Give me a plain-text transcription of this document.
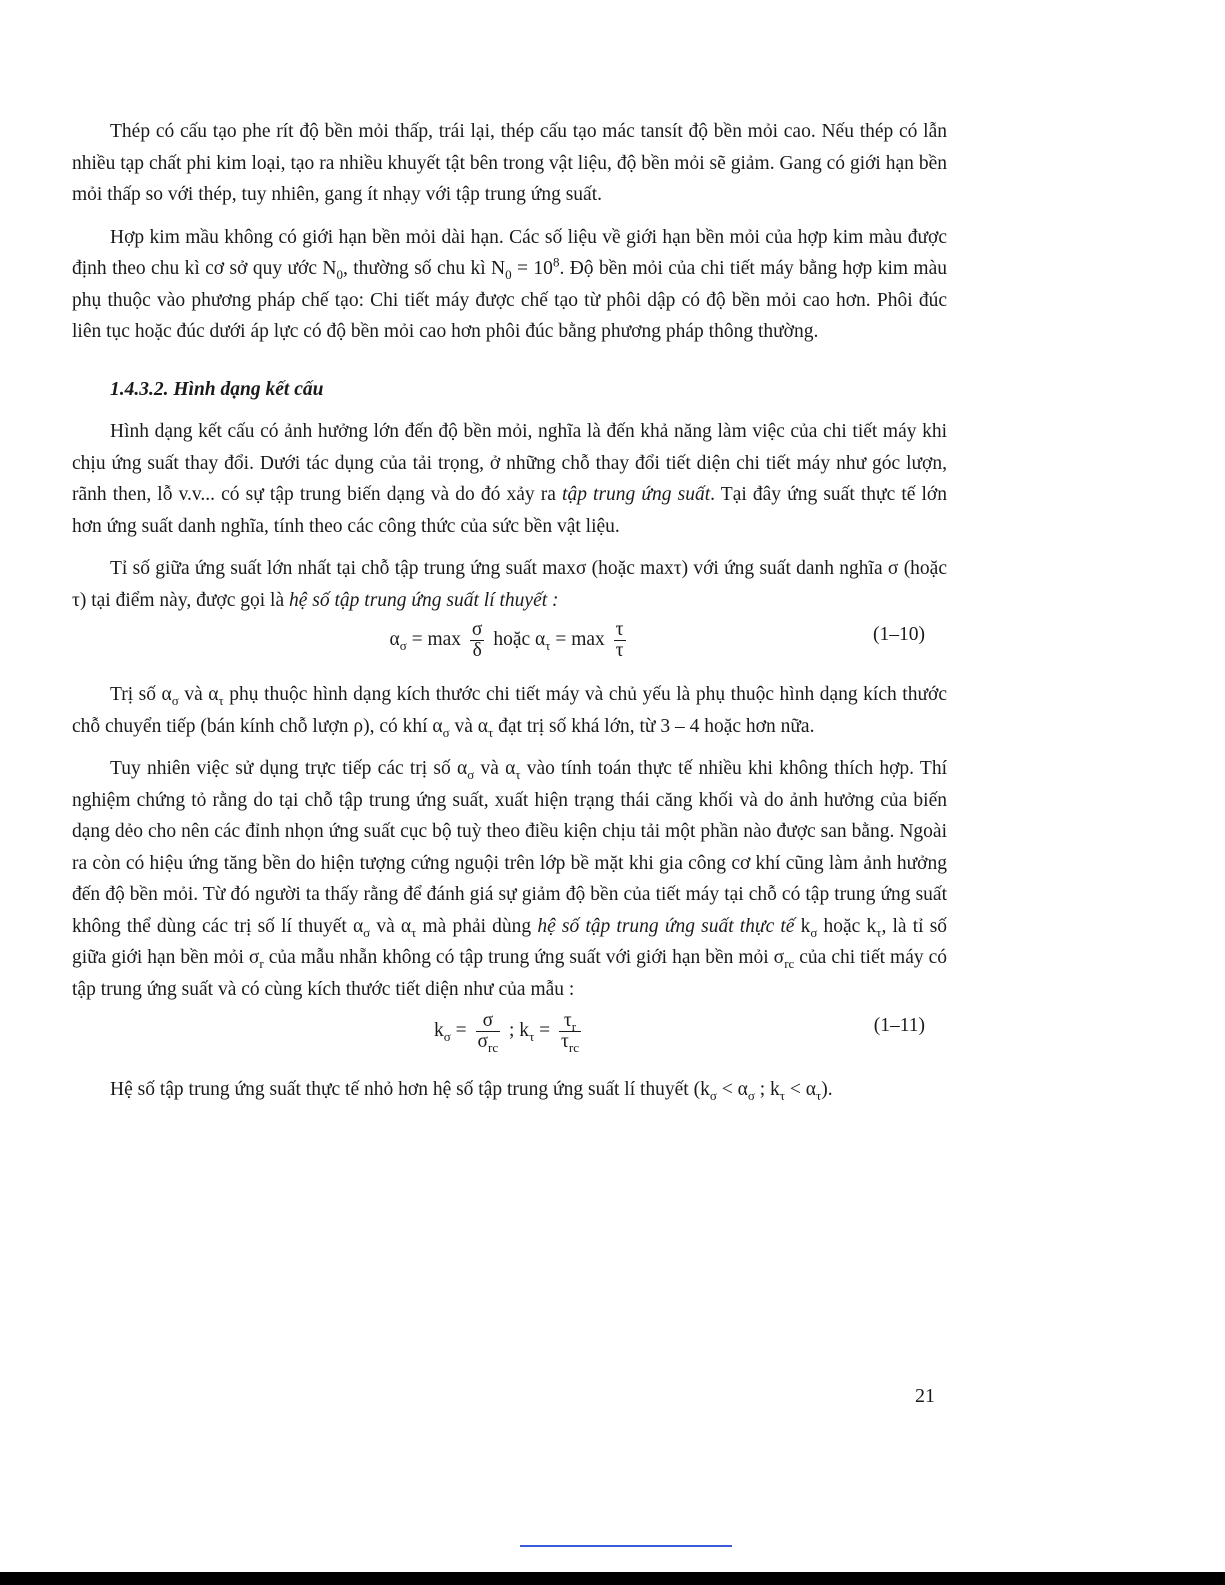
Thép có cấu tạo phe rít độ bền mỏi thấp, trái lại, thép cấu tạo mác tansít độ bền mỏi cao. Nếu thép có lẫn nhiều tạp chất phi kim loại, tạo ra nhiều khuyết tật bên trong vật liệu, độ bền mỏi sẽ giảm. Gang có giới hạn bền mỏi thấp so với thép, tuy nhiên, gang ít nhạy với tập trung ứng suất.

Hợp kim mầu không có giới hạn bền mỏi dài hạn. Các số liệu về giới hạn bền mỏi của hợp kim màu được định theo chu kì cơ sở quy ước $N_0$, thường số chu kì $N_0 = 10^8$. Độ bền mỏi của chi tiết máy bằng hợp kim màu phụ thuộc vào phương pháp chế tạo: Chi tiết máy được chế tạo từ phôi dập có độ bền mỏi cao hơn. Phôi đúc liên tục hoặc đúc dưới áp lực có độ bền mỏi cao hơn phôi đúc bằng phương pháp thông thường.

1.4.3.2. Hình dạng kết cấu

Hình dạng kết cấu có ảnh hưởng lớn đến độ bền mỏi, nghĩa là đến khả năng làm việc của chi tiết máy khi chịu ứng suất thay đổi. Dưới tác dụng của tải trọng, ở những chỗ thay đổi tiết diện chi tiết máy như góc lượn, rãnh then, lỗ v.v... có sự tập trung biến dạng và do đó xảy ra tập trung ứng suất. Tại đây ứng suất thực tế lớn hơn ứng suất danh nghĩa, tính theo các công thức của sức bền vật liệu.

Tỉ số giữa ứng suất lớn nhất tại chỗ tập trung ứng suất maxσ (hoặc maxτ) với ứng suất danh nghĩa σ (hoặc τ) tại điểm này, được gọi là hệ số tập trung ứng suất lí thuyết :

$\alpha_\sigma = \max \frac{\sigma}{\delta}$ hoặc $\alpha_\tau = \max \frac{\tau}{\tau}$	(1–10)

Trị số $\alpha_\sigma$ và $\alpha_\tau$ phụ thuộc hình dạng kích thước chi tiết máy và chủ yếu là phụ thuộc hình dạng kích thước chỗ chuyển tiếp (bán kính chỗ lượn ρ), có khí $\alpha_\sigma$ và $\alpha_\tau$ đạt trị số khá lớn, từ 3 – 4 hoặc hơn nữa.

Tuy nhiên việc sử dụng trực tiếp các trị số $\alpha_\sigma$ và $\alpha_\tau$ vào tính toán thực tế nhiều khi không thích hợp. Thí nghiệm chứng tỏ rằng do tại chỗ tập trung ứng suất, xuất hiện trạng thái căng khối và do ảnh hưởng của biến dạng dẻo cho nên các đỉnh nhọn ứng suất cục bộ tuỳ theo điều kiện chịu tải một phần nào được san bằng. Ngoài ra còn có hiệu ứng tăng bền do hiện tượng cứng nguội trên lớp bề mặt khi gia công cơ khí cũng làm ảnh hưởng đến độ bền mỏi. Từ đó người ta thấy rằng để đánh giá sự giảm độ bền của tiết máy tại chỗ có tập trung ứng suất không thể dùng các trị số lí thuyết $\alpha_\sigma$ và $\alpha_\tau$ mà phải dùng hệ số tập trung ứng suất thực tế $k_\sigma$ hoặc $k_\tau$, là tỉ số giữa giới hạn bền mỏi $\sigma_r$ của mẫu nhẵn không có tập trung ứng suất với giới hạn bền mỏi $\sigma_{rc}$ của chi tiết máy có tập trung ứng suất và có cùng kích thước tiết diện như của mẫu :

$k_\sigma = \frac{\sigma}{\sigma_{rc}}$ ; $k_\tau = \frac{\tau_r}{\tau_{rc}}$	(1–11)

Hệ số tập trung ứng suất thực tế nhỏ hơn hệ số tập trung ứng suất lí thuyết ($k_\sigma < \alpha_\sigma$ ; $k_\tau < \alpha_\tau$).

21
